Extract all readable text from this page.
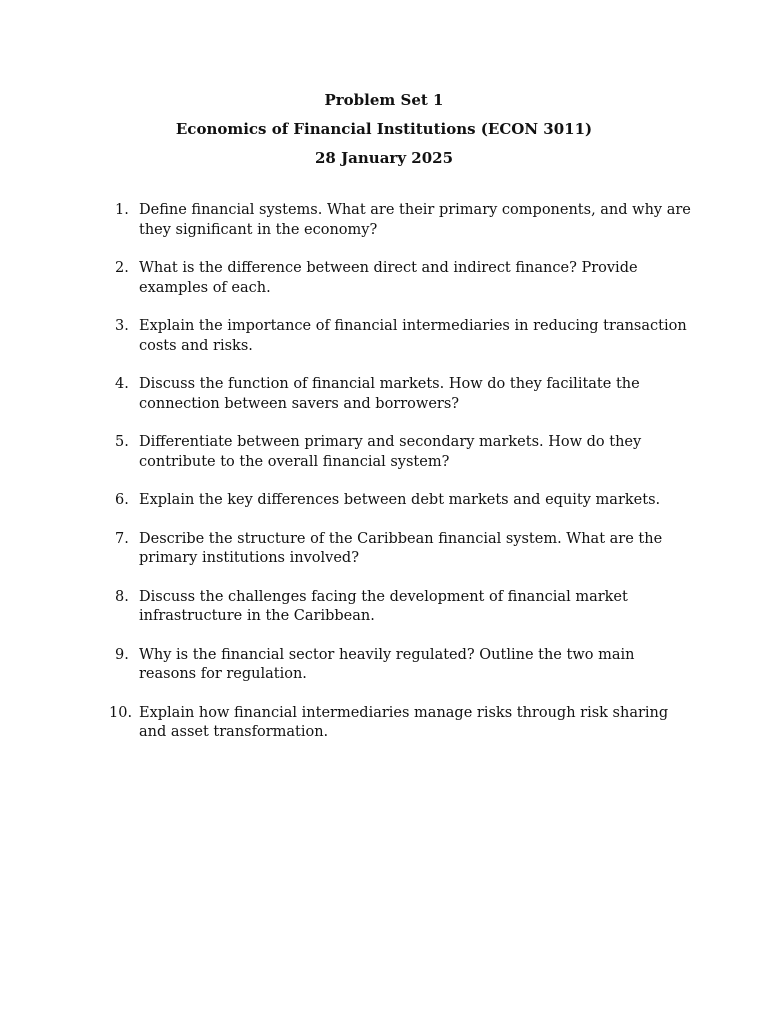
Problem Set 1
Economics of Financial Institutions (ECON 3011)
28 January 2025
1. Define financial systems. What are their primary components, and why are they significant in the economy?
2. What is the difference between direct and indirect finance? Provide examples of each.
3. Explain the importance of financial intermediaries in reducing transaction costs and risks.
4. Discuss the function of financial markets. How do they facilitate the connection between savers and borrowers?
5. Differentiate between primary and secondary markets. How do they contribute to the overall financial system?
6. Explain the key differences between debt markets and equity markets.
7. Describe the structure of the Caribbean financial system. What are the primary institutions involved?
8. Discuss the challenges facing the development of financial market infrastructure in the Caribbean.
9. Why is the financial sector heavily regulated? Outline the two main reasons for regulation.
10. Explain how financial intermediaries manage risks through risk sharing and asset transformation.
